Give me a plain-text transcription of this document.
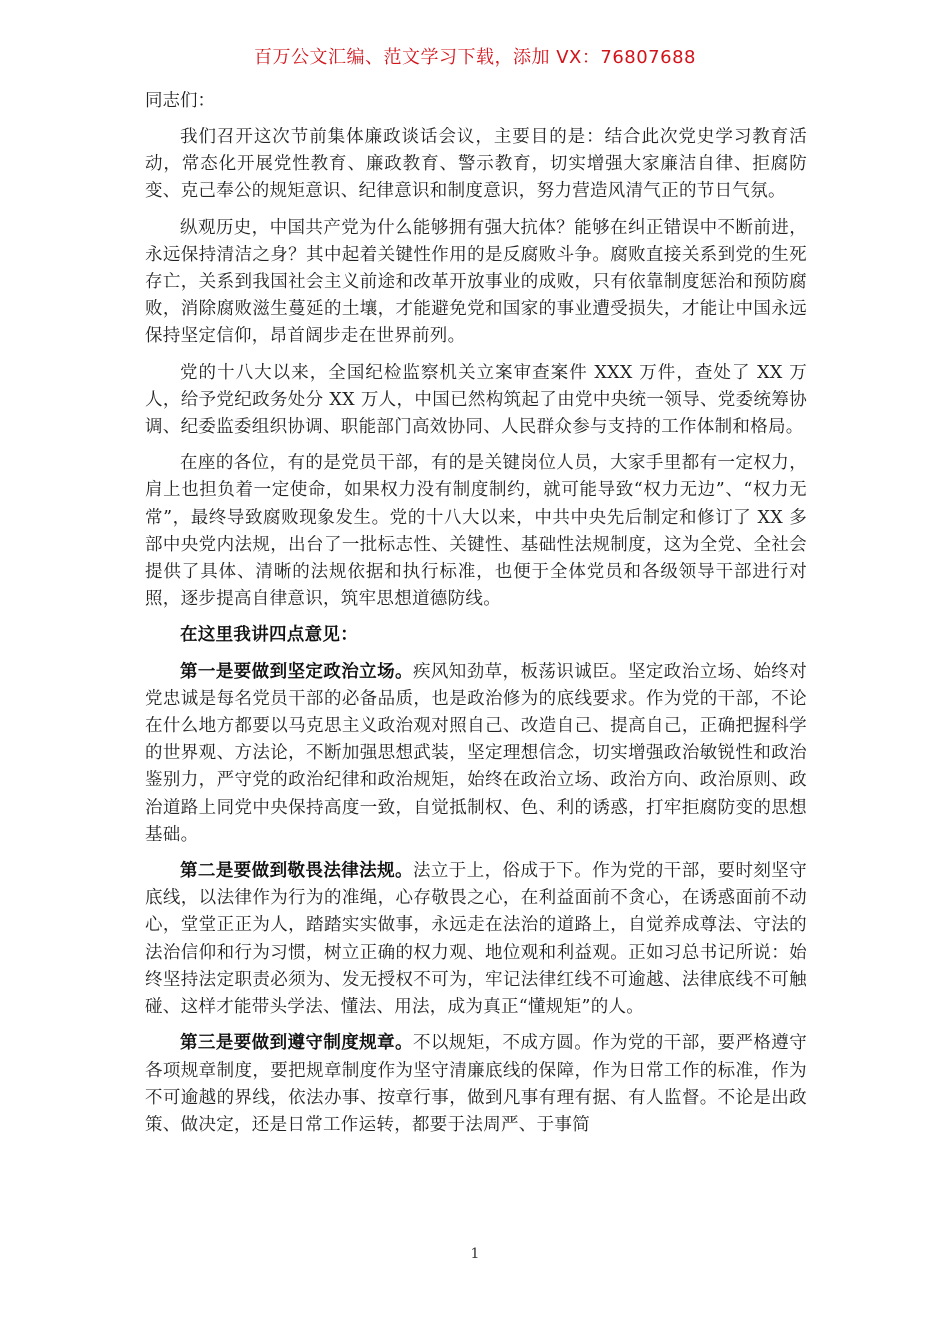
百万公文汇编、范文学习下载，添加 VX：76807688
同志们：

我们召开这次节前集体廉政谈话会议，主要目的是：结合此次党史学习教育活动，常态化开展党性教育、廉政教育、警示教育，切实增强大家廉洁自律、拒腐防变、克己奉公的规矩意识、纪律意识和制度意识，努力营造风清气正的节日气氛。

纵观历史，中国共产党为什么能够拥有强大抗体？能够在纠正错误中不断前进，永远保持清洁之身？其中起着关键性作用的是反腐败斗争。腐败直接关系到党的生死存亡，关系到我国社会主义前途和改革开放事业的成败，只有依靠制度惩治和预防腐败，消除腐败滋生蔓延的土壤，才能避免党和国家的事业遭受损失，才能让中国永远保持坚定信仰，昂首阔步走在世界前列。

党的十八大以来，全国纪检监察机关立案审查案件 XXX 万件，查处了 XX 万人，给予党纪政务处分 XX 万人，中国已然构筑起了由党中央统一领导、党委统筹协调、纪委监委组织协调、职能部门高效协同、人民群众参与支持的工作体制和格局。

在座的各位，有的是党员干部，有的是关键岗位人员，大家手里都有一定权力，肩上也担负着一定使命，如果权力没有制度制约，就可能导致“权力无边”、“权力无常”，最终导致腐败现象发生。党的十八大以来，中共中央先后制定和修订了 XX 多部中央党内法规，出台了一批标志性、关键性、基础性法规制度，这为全党、全社会提供了具体、清晰的法规依据和执行标准，也便于全体党员和各级领导干部进行对照，逐步提高自律意识，筑牢思想道德防线。

在这里我讲四点意见：

第一是要做到坚定政治立场。疾风知劲草，板荡识诚臣。坚定政治立场、始终对党忠诚是每名党员干部的必备品质，也是政治修为的底线要求。作为党的干部，不论在什么地方都要以马克思主义政治观对照自己、改造自己、提高自己，正确把握科学的世界观、方法论，不断加强思想武装，坚定理想信念，切实增强政治敏锐性和政治鉴别力，严守党的政治纪律和政治规矩，始终在政治立场、政治方向、政治原则、政治道路上同党中央保持高度一致，自觉抵制权、色、利的诱惑，打牢拒腐防变的思想基础。

第二是要做到敬畏法律法规。法立于上，俗成于下。作为党的干部，要时刻坚守底线，以法律作为行为的准绳，心存敬畏之心，在利益面前不贪心，在诱惑面前不动心，堂堂正正为人，踏踏实实做事，永远走在法治的道路上，自觉养成尊法、守法的法治信仰和行为习惯，树立正确的权力观、地位观和利益观。正如习总书记所说：始终坚持法定职责必须为、发无授权不可为，牢记法律红线不可逾越、法律底线不可触碰、这样才能带头学法、懂法、用法，成为真正“懂规矩”的人。

第三是要做到遵守制度规章。不以规矩，不成方圆。作为党的干部，要严格遵守各项规章制度，要把规章制度作为坚守清廉底线的保障，作为日常工作的标准，作为不可逾越的界线，依法办事、按章行事，做到凡事有理有据、有人监督。不论是出政策、做决定，还是日常工作运转，都要于法周严、于事简

1
